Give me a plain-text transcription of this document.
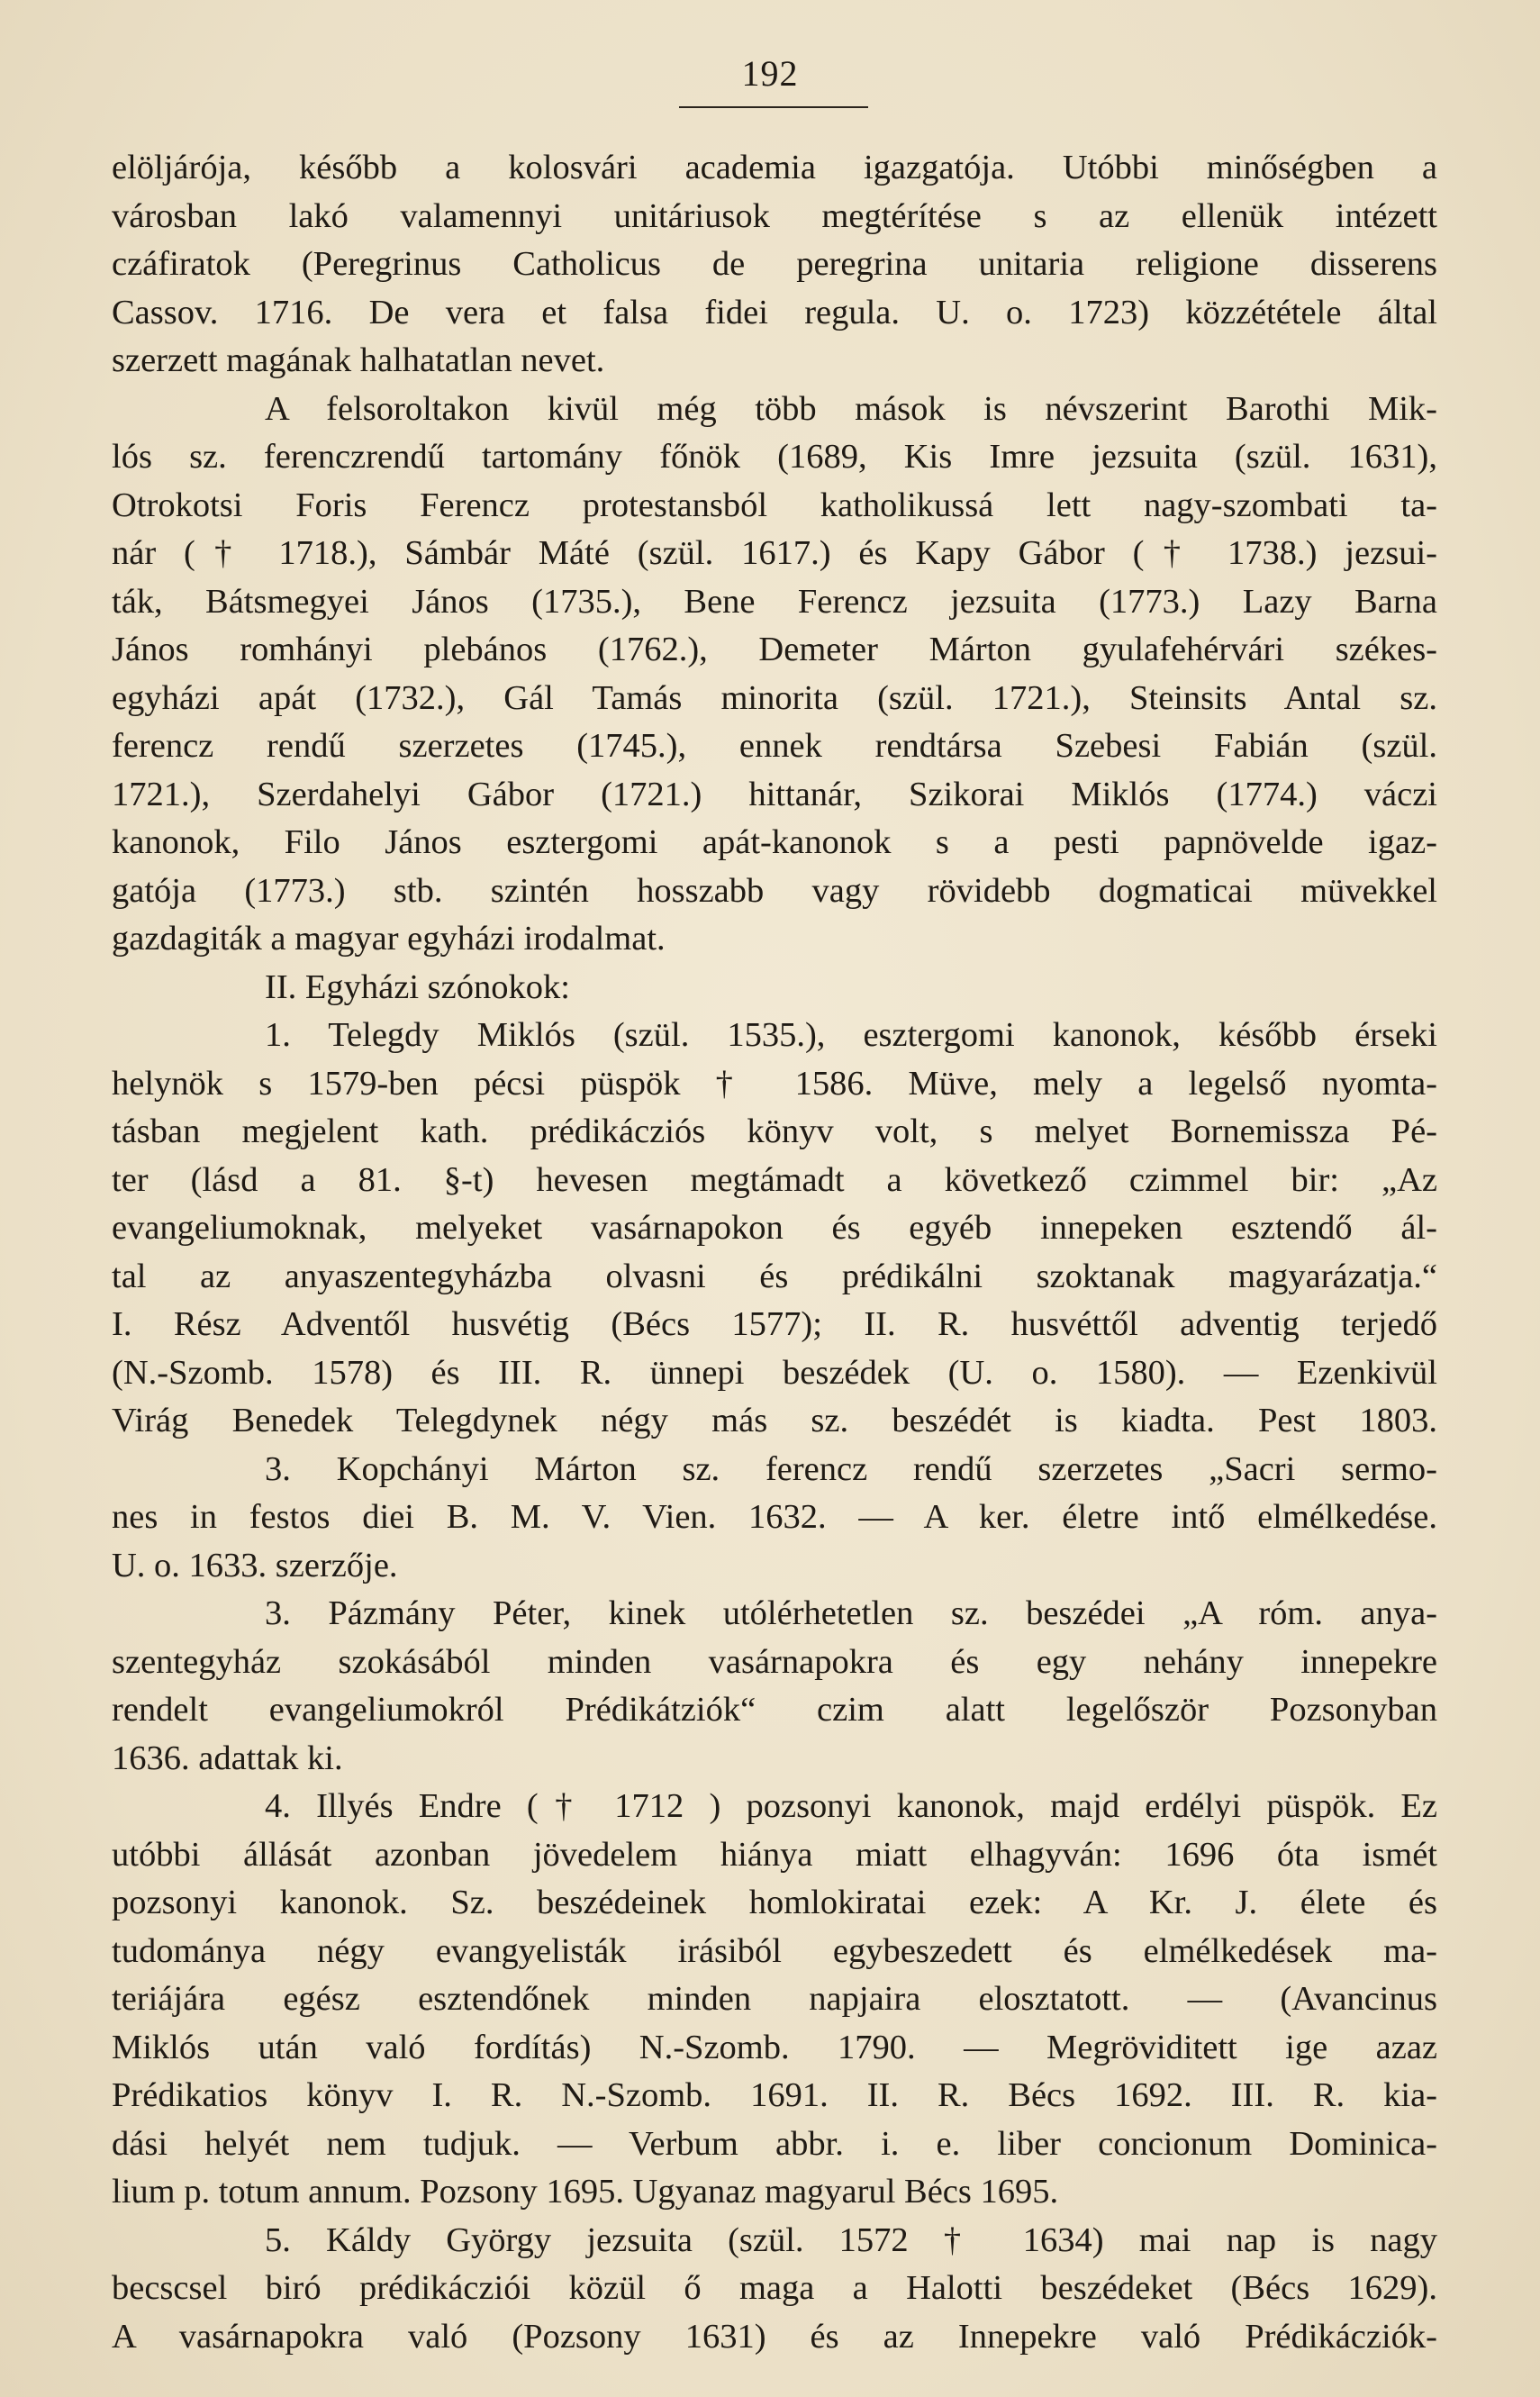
192
elöljárója, később a kolosvári academia igazgatója. Utóbbi minőségben a
városban lakó valamennyi unitáriusok megtérítése s az ellenük intézett
czáfiratok (Peregrinus Catholicus de peregrina unitaria religione disserens
Cassov. 1716. De vera et falsa fidei regula. U. o. 1723) közzététele által
szerzett magának halhatatlan nevet.
A felsoroltakon kivül még több mások is névszerint Barothi Mik-
lós sz. ferenczrendű tartomány főnök (1689, Kis Imre jezsuita (szül. 1631),
Otrokotsi Foris Ferencz protestansból katholikussá lett nagy-szombati ta-
nár († 1718.), Sámbár Máté (szül. 1617.) és Kapy Gábor († 1738.) jezsui-
ták, Bátsmegyei János (1735.), Bene Ferencz jezsuita (1773.) Lazy Barna
János romhányi plebános (1762.), Demeter Márton gyulafehérvári székes-
egyházi apát (1732.), Gál Tamás minorita (szül. 1721.), Steinsits Antal sz.
ferencz rendű szerzetes (1745.), ennek rendtársa Szebesi Fabián (szül.
1721.), Szerdahelyi Gábor (1721.) hittanár, Szikorai Miklós (1774.) váczi
kanonok, Filo János esztergomi apát-kanonok s a pesti papnövelde igaz-
gatója (1773.) stb. szintén hosszabb vagy rövidebb dogmaticai müvekkel
gazdagiták a magyar egyházi irodalmat.
II. Egyházi szónokok:
1. Telegdy Miklós (szül. 1535.), esztergomi kanonok, később érseki
helynök s 1579-ben pécsi püspök † 1586. Müve, mely a legelső nyomta-
tásban megjelent kath. prédikácziós könyv volt, s melyet Bornemissza Pé-
ter (lásd a 81. §-t) hevesen megtámadt a következő czimmel bir: „Az
evangeliumoknak, melyeket vasárnapokon és egyéb innepeken esztendő ál-
tal az anyaszentegyházba olvasni és prédikálni szoktanak magyarázatja.“
I. Rész Adventől husvétig (Bécs 1577); II. R. husvéttől adventig terjedő
(N.-Szomb. 1578) és III. R. ünnepi beszédek (U. o. 1580). — Ezenkivül
Virág Benedek Telegdynek négy más sz. beszédét is kiadta. Pest 1803.
3. Kopchányi Márton sz. ferencz rendű szerzetes „Sacri sermo-
nes in festos diei B. M. V. Vien. 1632. — A ker. életre intő elmélkedése.
U. o. 1633. szerzője.
3. Pázmány Péter, kinek utólérhetetlen sz. beszédei „A róm. anya-
szentegyház szokásából minden vasárnapokra és egy nehány innepekre
rendelt evangeliumokról Prédikátziók“ czim alatt legelőször Pozsonyban
1636. adattak ki.
4. Illyés Endre († 1712 ) pozsonyi kanonok, majd erdélyi püspök. Ez
utóbbi állását azonban jövedelem hiánya miatt elhagyván: 1696 óta ismét
pozsonyi kanonok. Sz. beszédeinek homlokiratai ezek: A Kr. J. élete és
tudománya négy evangyelisták irásiból egybeszedett és elmélkedések ma-
teriájára egész esztendőnek minden napjaira elosztatott. — (Avancinus
Miklós után való fordítás) N.-Szomb. 1790. — Megröviditett ige azaz
Prédikatios könyv I. R. N.-Szomb. 1691. II. R. Bécs 1692. III. R. kia-
dási helyét nem tudjuk. — Verbum abbr. i. e. liber concionum Dominica-
lium p. totum annum. Pozsony 1695. Ugyanaz magyarul Bécs 1695.
5. Káldy György jezsuita (szül. 1572 † 1634) mai nap is nagy
becscsel biró prédikácziói közül ő maga a Halotti beszédeket (Bécs 1629).
A vasárnapokra való (Pozsony 1631) és az Innepekre való Prédikácziók-
